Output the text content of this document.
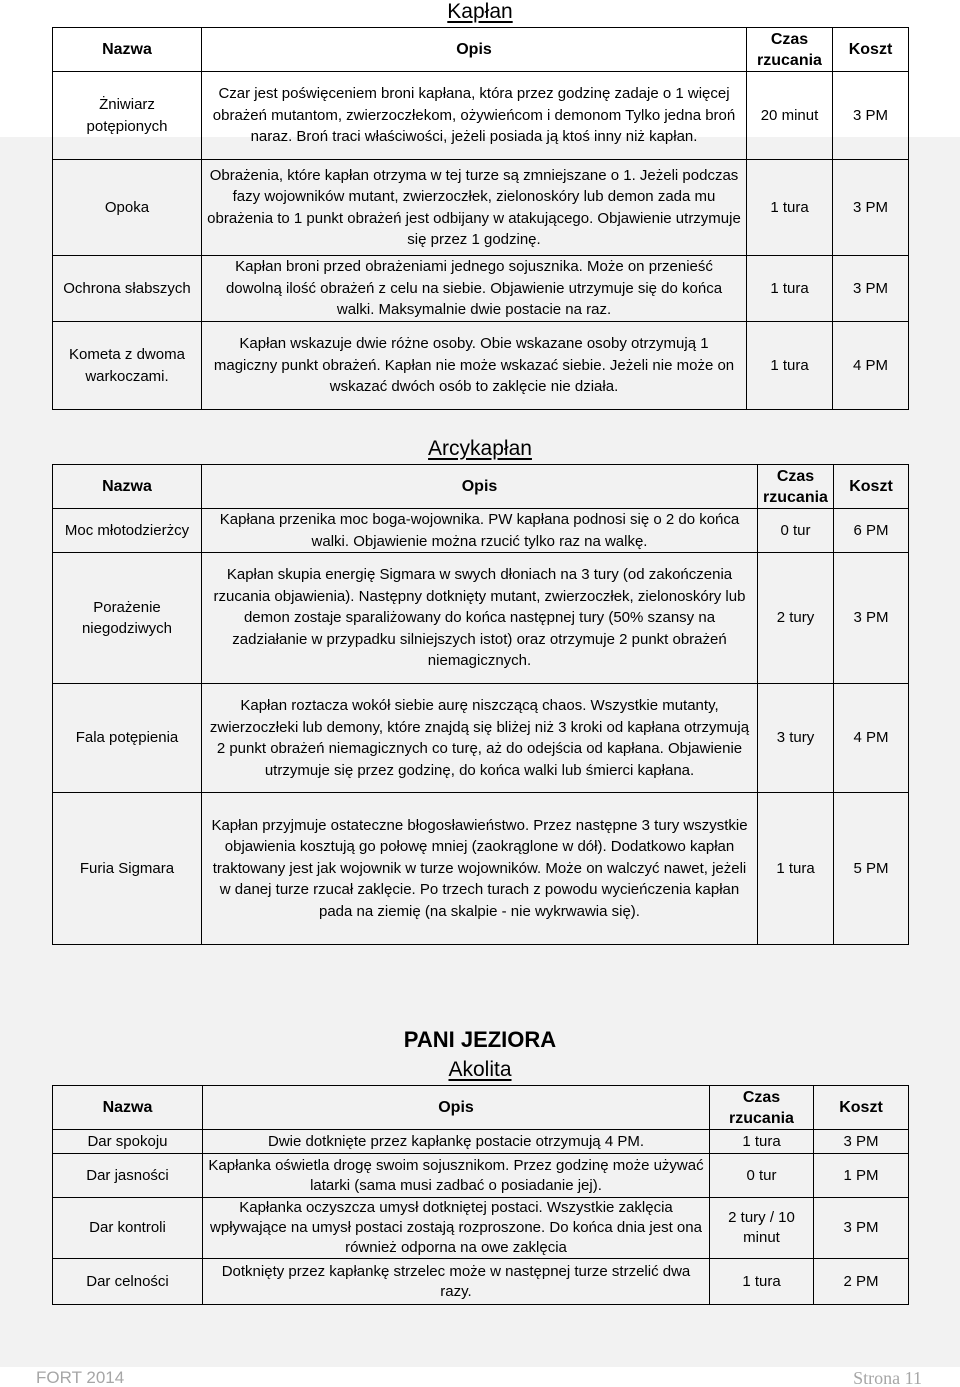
Kapłan
Nazwa	Opis	Czas rzucania	Koszt
Żniwiarz potępionych	Czar jest poświęceniem broni kapłana, która przez godzinę zadaje o 1 więcej obrażeń mutantom, zwierzoczłekom, ożywieńcom i demonom Tylko jedna broń naraz. Broń traci właściwości, jeżeli posiada ją ktoś inny niż kapłan.	20 minut	3 PM
Opoka	Obrażenia, które kapłan otrzyma w tej turze są zmniejszane o 1. Jeżeli podczas fazy wojowników mutant, zwierzoczłek, zielonoskóry lub demon zada mu obrażenia to 1 punkt obrażeń jest odbijany w atakującego. Objawienie utrzymuje się przez 1 godzinę.	1 tura	3 PM
Ochrona słabszych	Kapłan broni przed obrażeniami jednego sojusznika. Może on przenieść dowolną ilość obrażeń z celu na siebie. Objawienie utrzymuje się do końca walki. Maksymalnie dwie postacie na raz.	1 tura	3 PM
Kometa z dwoma warkoczami.	Kapłan wskazuje dwie różne osoby. Obie wskazane osoby otrzymują 1 magiczny punkt obrażeń. Kapłan nie może wskazać siebie. Jeżeli nie może on wskazać dwóch osób to zaklęcie nie działa.	1 tura	4 PM
Arcykapłan
Nazwa	Opis	Czas rzucania	Koszt
Moc młotodzierżcy	Kapłana przenika moc boga-wojownika. PW kapłana podnosi się o 2 do końca walki. Objawienie można rzucić tylko raz na walkę.	0 tur	6 PM
Porażenie niegodziwych	Kapłan skupia energię Sigmara w swych dłoniach na 3 tury (od zakończenia rzucania objawienia). Następny dotknięty mutant, zwierzoczłek, zielonoskóry lub demon zostaje sparaliżowany do końca następnej tury (50% szansy na zadziałanie w przypadku silniejszych istot) oraz otrzymuje 2 punkt obrażeń niemagicznych.	2 tury	3 PM
Fala potępienia	Kapłan roztacza wokół siebie aurę niszczącą chaos. Wszystkie mutanty, zwierzoczłeki lub demony, które znajdą się bliżej niż 3 kroki od kapłana otrzymują 2 punkt obrażeń niemagicznych co turę, aż do odejścia od kapłana. Objawienie utrzymuje się przez godzinę, do końca walki lub śmierci kapłana.	3 tury	4 PM
Furia Sigmara	Kapłan przyjmuje ostateczne błogosławieństwo. Przez następne 3 tury wszystkie objawienia kosztują go połowę mniej (zaokrąglone w dół). Dodatkowo kapłan traktowany jest jak wojownik w turze wojowników. Może on walczyć nawet, jeżeli w danej turze rzucał zaklęcie. Po trzech turach z powodu wycieńczenia kapłan pada na ziemię (na skalpie - nie wykrwawia się).	1 tura	5 PM
PANI JEZIORA
Akolita
Nazwa	Opis	Czas rzucania	Koszt
Dar spokoju	Dwie dotknięte przez kapłankę postacie otrzymują 4 PM.	1 tura	3 PM
Dar jasności	Kapłanka oświetla drogę swoim sojusznikom. Przez godzinę może używać latarki (sama musi zadbać o posiadanie jej).	0 tur	1 PM
Dar kontroli	Kapłanka oczyszcza umysł dotkniętej postaci. Wszystkie zaklęcia wpływające na umysł postaci zostają rozproszone. Do końca dnia jest ona również odporna na owe zaklęcia	2 tury / 10 minut	3 PM
Dar celności	Dotknięty przez kapłankę strzelec może w następnej turze strzelić dwa razy.	1 tura	2 PM
FORT 2014	Strona 11
